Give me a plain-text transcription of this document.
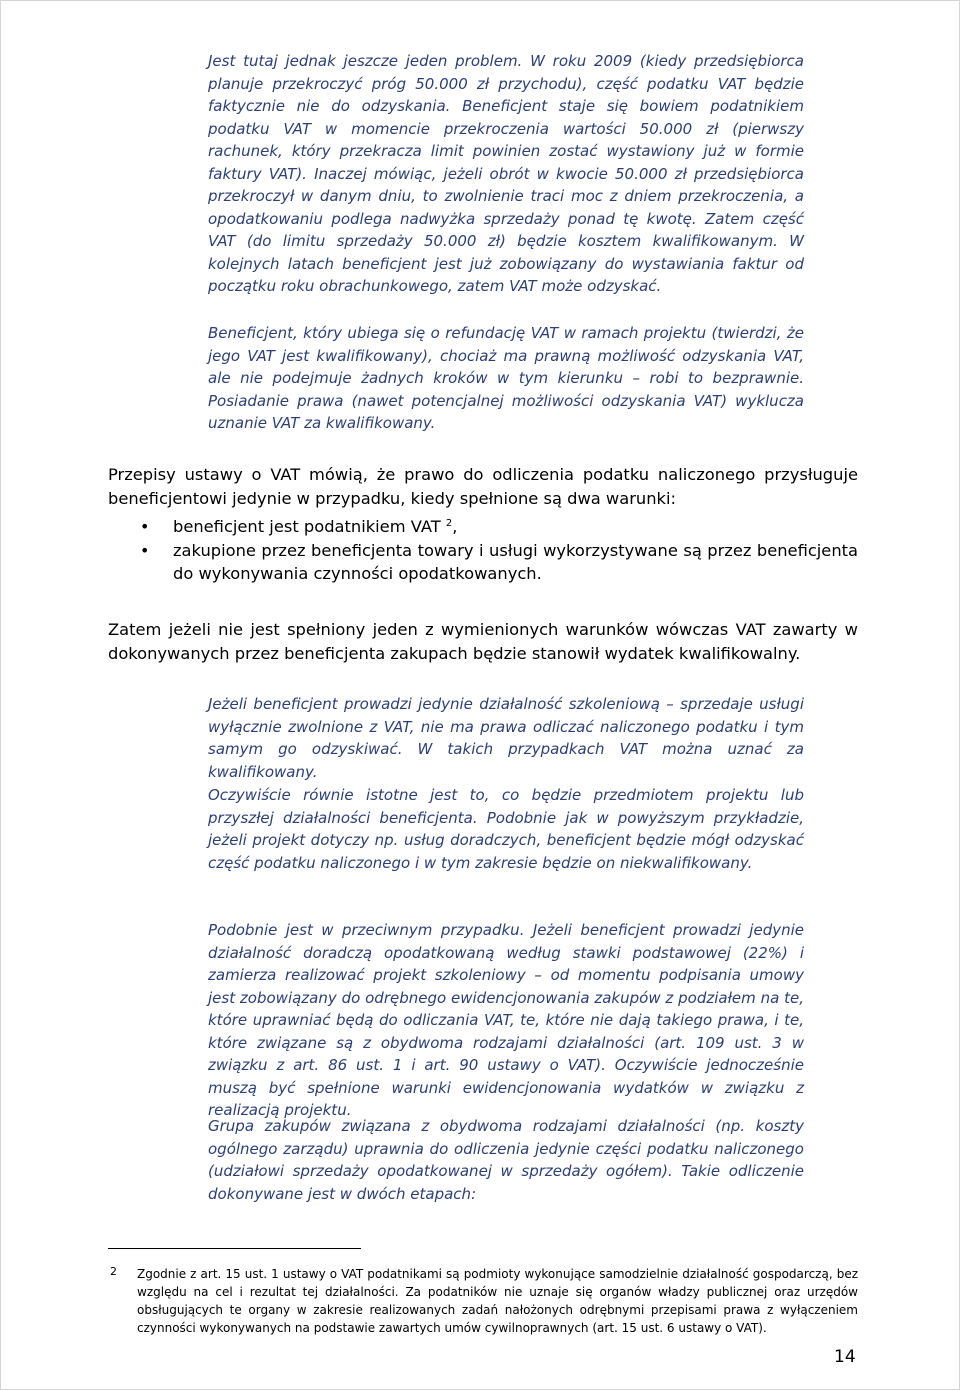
Jest tutaj jednak jeszcze jeden problem. W roku 2009 (kiedy przedsiębiorca planuje przekroczyć próg 50.000 zł przychodu), część podatku VAT będzie faktycznie nie do odzyskania. Beneficjent staje się bowiem podatnikiem podatku VAT w momencie przekroczenia wartości 50.000 zł (pierwszy rachunek, który przekracza limit powinien zostać wystawiony już w formie faktury VAT). Inaczej mówiąc, jeżeli obrót w kwocie 50.000 zł przedsiębiorca przekroczył w danym dniu, to zwolnienie traci moc z dniem przekroczenia, a opodatkowaniu podlega nadwyżka sprzedaży ponad tę kwotę. Zatem część VAT (do limitu sprzedaży 50.000 zł) będzie kosztem kwalifikowanym. W kolejnych latach beneficjent jest już zobowiązany do wystawiania faktur od początku roku obrachunkowego, zatem VAT może odzyskać.

Beneficjent, który ubiega się o refundację VAT w ramach projektu (twierdzi, że jego VAT jest kwalifikowany), chociaż ma prawną możliwość odzyskania VAT, ale nie podejmuje żadnych kroków w tym kierunku – robi to bezprawnie. Posiadanie prawa (nawet potencjalnej możliwości odzyskania VAT) wyklucza uznanie VAT za kwalifikowany.

Przepisy ustawy o VAT mówią, że prawo do odliczenia podatku naliczonego przysługuje beneficjentowi jedynie w przypadku, kiedy spełnione są dwa warunki:

• beneficjent jest podatnikiem VAT $^2$,
• zakupione przez beneficjenta towary i usługi wykorzystywane są przez beneficjenta do wykonywania czynności opodatkowanych.

Zatem jeżeli nie jest spełniony jeden z wymienionych warunków wówczas VAT zawarty w dokonywanych przez beneficjenta zakupach będzie stanowił wydatek kwalifikowalny.

Jeżeli beneficjent prowadzi jedynie działalność szkoleniową – sprzedaje usługi wyłącznie zwolnione z VAT, nie ma prawa odliczać naliczonego podatku i tym samym go odzyskiwać. W takich przypadkach VAT można uznać za kwalifikowany.

Oczywiście równie istotne jest to, co będzie przedmiotem projektu lub przyszłej działalności beneficjenta. Podobnie jak w powyższym przykładzie, jeżeli projekt dotyczy np. usług doradczych, beneficjent będzie mógł odzyskać część podatku naliczonego i w tym zakresie będzie on niekwalifikowany.

Podobnie jest w przeciwnym przypadku. Jeżeli beneficjent prowadzi jedynie działalność doradczą opodatkowaną według stawki podstawowej (22%) i zamierza realizować projekt szkoleniowy – od momentu podpisania umowy jest zobowiązany do odrębnego ewidencjonowania zakupów z podziałem na te, które uprawniać będą do odliczania VAT, te, które nie dają takiego prawa, i te, które związane są z obydwoma rodzajami działalności (art. 109 ust. 3 w związku z art. 86 ust. 1 i art. 90 ustawy o VAT). Oczywiście jednocześnie muszą być spełnione warunki ewidencjonowania wydatków w związku z realizacją projektu.

Grupa zakupów związana z obydwoma rodzajami działalności (np. koszty ogólnego zarządu) uprawnia do odliczenia jedynie części podatku naliczonego (udziałowi sprzedaży opodatkowanej w sprzedaży ogółem). Takie odliczenie dokonywane jest w dwóch etapach:

2 Zgodnie z art. 15 ust. 1 ustawy o VAT podatnikami są podmioty wykonujące samodzielnie działalność gospodarczą, bez względu na cel i rezultat tej działalności. Za podatników nie uznaje się organów władzy publicznej oraz urzędów obsługujących te organy w zakresie realizowanych zadań nałożonych odrębnymi przepisami prawa z wyłączeniem czynności wykonywanych na podstawie zawartych umów cywilnoprawnych (art. 15 ust. 6 ustawy o VAT).

14
